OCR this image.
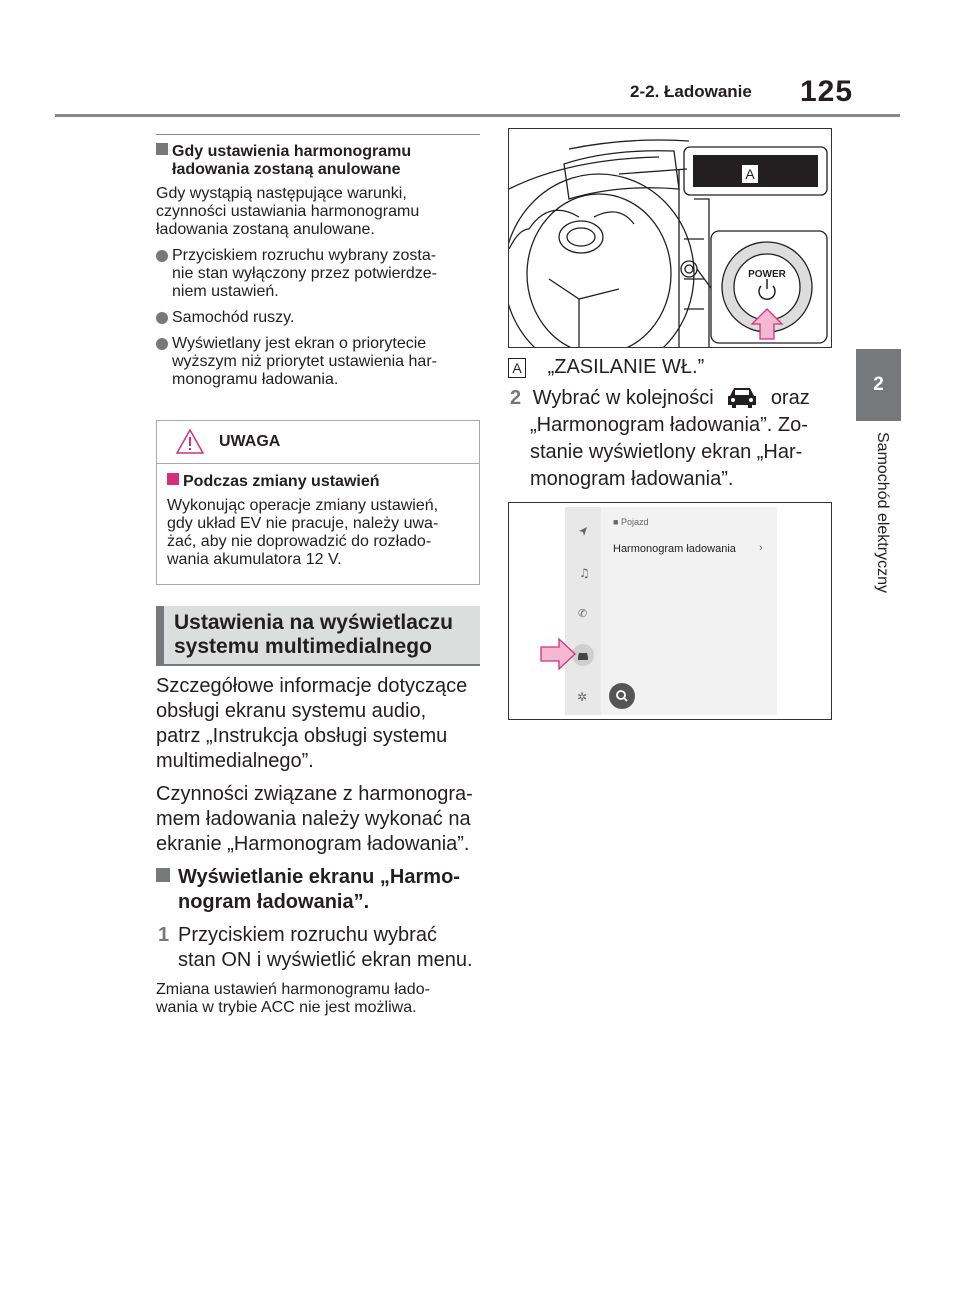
2-2. Ładowanie 125
2
Samochód elektryczny
Gdy ustawienia harmonogramu
ładowania zostaną anulowane
Gdy wystąpią następujące warunki,
czynności ustawiania harmonogramu
ładowania zostaną anulowane.
Przyciskiem rozruchu wybrany zosta-
nie stan wyłączony przez potwierdze-
niem ustawień.
Samochód ruszy.
Wyświetlany jest ekran o priorytecie
wyższym niż priorytet ustawienia har-
monogramu ładowania.
UWAGA
Podczas zmiany ustawień
Wykonując operacje zmiany ustawień,
gdy układ EV nie pracuje, należy uwa-
żać, aby nie doprowadzić do rozłado-
wania akumulatora 12 V.
Ustawienia na wyświetlaczu
systemu multimedialnego
Szczegółowe informacje dotyczące
obsługi ekranu systemu audio,
patrz „Instrukcja obsługi systemu
multimedialnego”.
Czynności związane z harmonogra-
mem ładowania należy wykonać na
ekranie „Harmonogram ładowania”.
Wyświetlanie ekranu „Harmo-
nogram ładowania”.
1 Przyciskiem rozruchu wybrać
stan ON i wyświetlić ekran menu.
Zmiana ustawień harmonogramu łado-
wania w trybie ACC nie jest możliwa.
A
POWER
A „ZASILANIE WŁ.”
2 Wybrać w kolejności	oraz
„Harmonogram ładowania”. Zo-
stanie wyświetlony ekran „Har-
monogram ładowania”.
♫
✆
✲
■ Pojazd
Harmonogram ładowania ›
